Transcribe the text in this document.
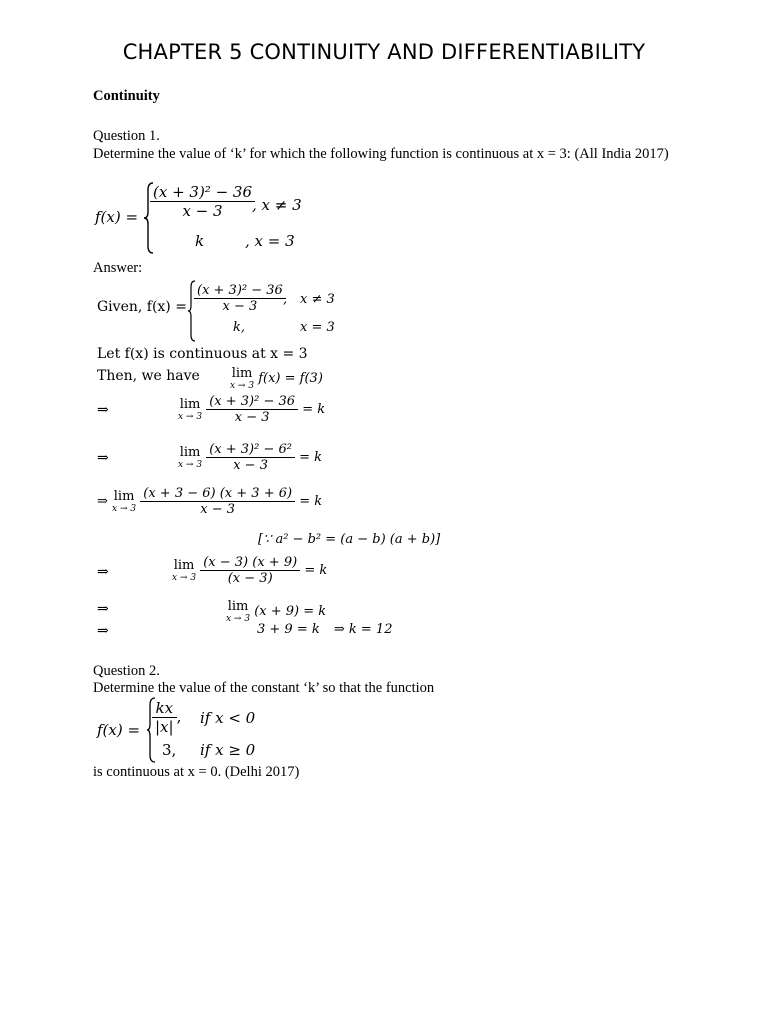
CHAPTER 5 CONTINUITY AND DIFFERENTIABILITY
Continuity
Question 1.
Determine the value of ‘k’ for which the following function is continuous at x = 3: (All India 2017)
$f(x) = \frac{\text{(x + 3)² − 36}}{x - 3}$
, x ≠ 3
k	, x = 3
Answer:
Given, $f(x) = \frac{\text{(x + 3)² − 36}}{x - 3}$
, x ≠ 3
k,	x = 3
Let f(x) is continuous at x = 3
Then, we have lim
x → 3 f(x) = f(3)
⇒	lim
x → 3
$\frac{\text{(x + 3)² − 36}}{x - 3} = k$
⇒	lim
x → 3
$\frac{\text{(x + 3)² − 6²}}{x - 3} = k$
⇒ lim
x → 3
$\frac{(x + 3 - 6) (x + 3 + 6)}{x - 3} = k$
[∵ a² − b² = (a − b) (a + b)]
⇒	lim
x → 3
$\frac{(x - 3) (x + 9)}{(x - 3)} = k$
⇒	lim
x → 3 (x + 9) = k
⇒	3 + 9 = k ⇒ k = 12
Question 2.
Determine the value of the constant ‘k’ so that the function
$f(x) = \frac{kx}{|x|}$ , if x < 0
3, if x ≥ 0
is continuous at x = 0. (Delhi 2017)
